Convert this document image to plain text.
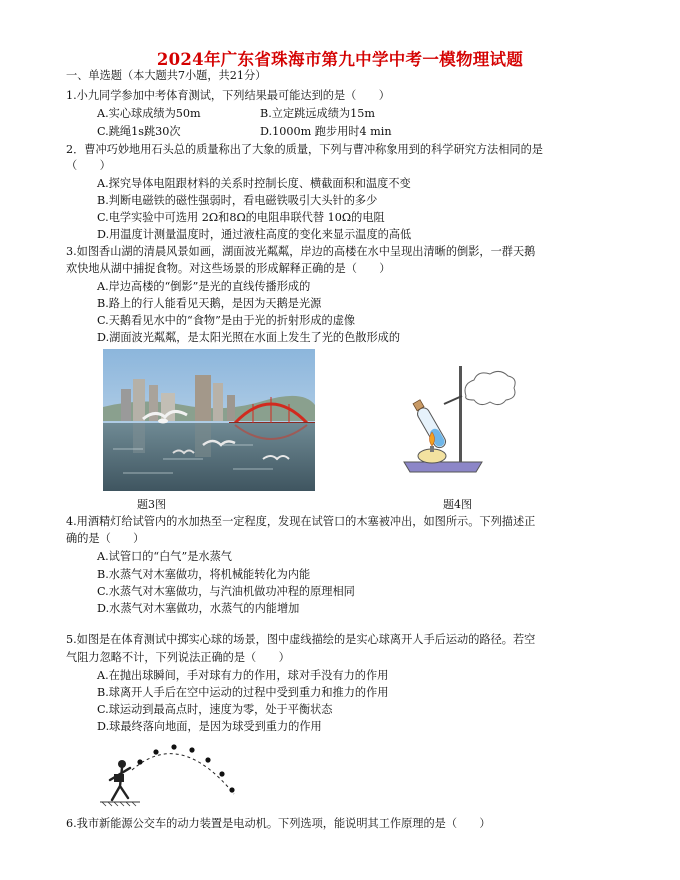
2024年广东省珠海市第九中学中考一模物理试题
一、单选题（本大题共7小题，共21分）
1.小九同学参加中考体育测试，下列结果最可能达到的是（　　）
A.实心球成绩为50m	B.立定跳远成绩为15m
C.跳绳1s跳30次	D.1000m 跑步用时4 min
2．曹冲巧妙地用石头总的质量称出了大象的质量，下列与曹冲称象用到的科学研究方法相同的是
（　　）
A.探究导体电阻跟材料的关系时控制长度、横截面积和温度不变
B.判断电磁铁的磁性强弱时，看电磁铁吸引大头针的多少
C.电学实验中可选用 2Ω和8Ω的电阻串联代替 10Ω的电阻
D.用温度计测量温度时，通过液柱高度的变化来显示温度的高低
3.如图香山湖的清晨风景如画，湖面波光粼粼，岸边的高楼在水中呈现出清晰的倒影，一群天鹅
欢快地从湖中捕捉食物。对这些场景的形成解释正确的是（　　）
A.岸边高楼的“倒影”是光的直线传播形成的
B.路上的行人能看见天鹅，是因为天鹅是光源
C.天鹅看见水中的“食物”是由于光的折射形成的虚像
D.湖面波光粼粼，是太阳光照在水面上发生了光的色散形成的
题3图	题4图
4.用酒精灯给试管内的水加热至一定程度，发现在试管口的木塞被冲出，如图所示。下列描述正
确的是（　　）
A.试管口的“白气”是水蒸气
B.水蒸气对木塞做功，将机械能转化为内能
C.水蒸气对木塞做功，与汽油机做功冲程的原理相同
D.水蒸气对木塞做功，水蒸气的内能增加
5.如图是在体育测试中掷实心球的场景，图中虚线描绘的是实心球离开人手后运动的路径。若空
气阻力忽略不计，下列说法正确的是（　　）
A.在抛出球瞬间，手对球有力的作用，球对手没有力的作用
B.球离开人手后在空中运动的过程中受到重力和推力的作用
C.球运动到最高点时，速度为零，处于平衡状态
D.球最终落向地面，是因为球受到重力的作用
6.我市新能源公交车的动力装置是电动机。下列选项，能说明其工作原理的是（　　）
